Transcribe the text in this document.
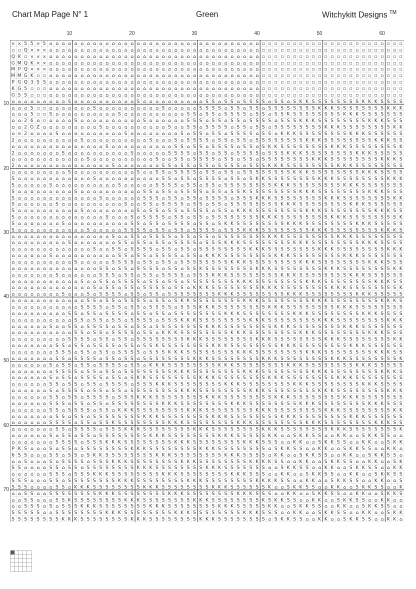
Chart Map Page N° 1	Green	Witchykitt Designs ™
10	20	30	40	50	60
10
20
30
40
50
60
70
× × 5 5 × 5 ⌂ ⌂ ⌂ ⌂ ⌂ ⌂ ⌂ ⌂ ⌂ ⌂ ⌂ ⌂ ⌂ ⌂ ⌂ ⌂ ⌂ ⌂ ⌂ ⌂ ⌂ ⌂ ⌂ ⌂ ⌂ ⌂ ⌂ ⌂ ⌂ ⌂ ⌂ ⌂ ⌂ ⌂ ▫ ▫ ▫ ▫ ▫ ▫ ▫ ▫ ▫ ▫ ▫ ▫ ▫ ▫ ▫ ▫ ▫ ▫ ▫ ▫ ▫ ▫ ▫
▫ ▫ Q × × × ⌂ ⌂ ⌂ ⌂ ⌂ ⌂ ⌂ ⌂ ⌂ ⌂ ⌂ ⌂ ⌂ ⌂ ⌂ ⌂ ⌂ ⌂ ⌂ ⌂ ⌂ ⌂ ⌂ ⌂ ⌂ ⌂ ⌂ ⌂ ⌂ ⌂ ⌂ ⌂ ⌂ ⌂ ▫ ▫ ▫ ▫ ▫ ▫ ▫ ▫ ▫ ▫ ▫ ▫ ▫ ▫ ▫ ▫ ▫ ▫ ▫ ▫ ▫ ▫ ▫
Q K ▫ × × × ⌂ ⌂ ⌂ ⌂ ⌂ ⌂ ⌂ ⌂ ⌂ ⌂ ⌂ ⌂ ⌂ ⌂ ⌂ ⌂ ⌂ ⌂ ⌂ ⌂ ⌂ ⌂ ⌂ ⌂ ⌂ ⌂ ⌂ ⌂ ⌂ ⌂ ⌂ ⌂ ⌂ ⌂ ▫ ▫ ▫ ▫ ▫ ▫ ▫ ▫ ▫ ▫ ▫ ▫ ▫ ▫ ▫ ▫ ▫ ▫ ▫ ▫ ▫ ▫ ▫
G M Q K × × ⌂ ⌂ ⌂ ⌂ ⌂ ⌂ ⌂ ⌂ ⌂ ⌂ ⌂ ⌂ ⌂ ⌂ ⌂ ⌂ ⌂ ⌂ ⌂ ⌂ ⌂ ⌂ ⌂ ⌂ ⌂ ⌂ ⌂ ⌂ ⌂ ⌂ ⌂ ⌂ ⌂ ⌂ ▫ ▫ ▫ ▫ ▫ ▫ ▫ ▫ ▫ ▫ ▫ ▫ ▫ ▫ ▫ ▫ ▫ ▫ ▫ ▫ ▫ ▫ ▫
M P Q × × × ⌂ ⌂ ⌂ ⌂ ⌂ ⌂ ⌂ ⌂ ⌂ ⌂ ⌂ ⌂ ⌂ ⌂ ⌂ ⌂ ⌂ ⌂ ⌂ ⌂ ⌂ ⌂ ⌂ ⌂ ⌂ ⌂ ⌂ ⌂ ⌂ ⌂ ⌂ ⌂ ⌂ ⌂ ▫ ▫ ▫ ▫ ▫ ▫ ▫ ▫ ▫ ▫ ▫ ▫ ▫ ▫ ▫ ▫ ▫ ▫ ▫ ▫ ▫ ▫ ▫
M M G K ▫ ▫ ⌂ ⌂ ⌂ ⌂ ⌂ ⌂ ⌂ ⌂ ⌂ ⌂ ⌂ ⌂ ⌂ ⌂ ⌂ ⌂ ⌂ ⌂ ⌂ ⌂ ⌂ ⌂ ⌂ ⌂ ⌂ ⌂ ⌂ ⌂ ⌂ ⌂ ⌂ ⌂ ⌂ ⌂ ▫ ▫ ▫ ▫ ▫ ▫ ▫ ▫ ▫ ▫ ▫ ▫ ▫ ▫ ▫ ▫ ▫ ▫ ▫ ▫ ▫ ▫ ▫
P G Q 3 5 S ⌂ ⌂ ⌂ ⌂ ⌂ ⌂ ⌂ ⌂ ⌂ ⌂ ⌂ ⌂ ⌂ ⌂ ⌂ ⌂ ⌂ ⌂ ⌂ ⌂ ⌂ ⌂ ⌂ ⌂ ⌂ ⌂ ⌂ ⌂ ⌂ ⌂ ⌂ ⌂ ⌂ ⌂ ▫ ▫ ▫ ▫ ▫ ▫ ▫ ▫ ▫ ▫ ▫ ▫ ▫ ▫ ▫ ▫ ▫ ▫ ▫ ▫ ▫ ▫ ▫
K G 5 ▫ ▫ ▫ ⌂ ⌂ ⌂ ⌂ ⌂ ⌂ ⌂ ⌂ ⌂ ⌂ ⌂ ⌂ ⌂ ⌂ ⌂ ⌂ ⌂ ⌂ ⌂ ⌂ ⌂ ⌂ ⌂ ⌂ ⌂ ⌂ ⌂ ⌂ ⌂ ⌂ ⌂ ⌂ ⌂ ⌂ ▫ ▫ ▫ ▫ ▫ ▫ ▫ ▫ ▫ ▫ ▫ ▫ ▫ ▫ ▫ ▫ ▫ ▫ ▫ ▫ ▫ ▫ ▫
G 5 5 ▫ ▫ ▫ ⌂ ⌂ ⌂ ⌂ ⌂ ⌂ ⌂ ⌂ ⌂ ⌂ ⌂ ⌂ ⌂ ⌂ ⌂ ⌂ ⌂ ⌂ ⌂ ⌂ ⌂ ⌂ ⌂ ⌂ ⌂ ⌂ ⌂ ⌂ ⌂ ⌂ ⌂ ⌂ ⌂ ⌂ ▫ ▫ ▫ ▫ ▫ ▫ ▫ ▫ ▫ ▫ ▫ ▫ ▫ ▫ ▫ ▫ ▫ ▫ ▫ ▫ ▫ ▫ ▫
⌂ ⌂ ⌂ ⌂ ⌂ ⌂ ⌂ ⌂ ⌂ S ⌂ ⌂ ⌂ ⌂ ⌂ ⌂ ⌂ ⌂ ⌂ ⌂ S ⌂ ⌂ ⌂ ⌂ ⌂ ⌂ ⌂ ⌂ ⌂ ⌂ S S ⌂ S S ⌂ S S S S ⌂ S S ⌂ S K K S S S S S S S S K K K S S S S
⌂ ⌂ ⌂ 5 ▫ ▫ ⌂ ⌂ ⌂ ⌂ ⌂ ⌂ ⌂ S ⌂ ⌂ ⌂ ⌂ ⌂ ⌂ ⌂ ⌂ ⌂ ⌂ S ⌂ ⌂ ⌂ ⌂ ⌂ S S S S ⌂ S S ⌂ S S ⌂ S S S S S S S S K K K S S S S S S S S K K K
⌂ ⌂ ⌂ 5 ▫ ▫ S ⌂ ⌂ ⌂ ⌂ ⌂ ⌂ ⌂ ⌂ ⌂ ⌂ S ⌂ ⌂ ⌂ ⌂ ⌂ ⌂ ⌂ ⌂ ⌂ ⌂ S S ⌂ S S ⌂ S S S S ⌂ S S ⌂ S S K S S S S S S S S K K K S S S S S S S
⌂ ⌂ 2 6 ⌂ ▫ ⌂ ⌂ ⌂ ⌂ S ⌂ ⌂ ⌂ ⌂ ⌂ ⌂ ⌂ ⌂ ⌂ ⌂ S ⌂ ⌂ ⌂ ⌂ ⌂ ⌂ S S S ⌂ S S ⌂ S S ⌂ S S S S ⌂ S S S K K K S S S S S S S S K K K S S S
⌂ ⌂ 2 G Z ⌂ ⌂ ⌂ ⌂ ⌂ ⌂ ⌂ ⌂ ⌂ S ⌂ ⌂ ⌂ ⌂ ⌂ ⌂ ⌂ ⌂ ⌂ ⌂ S ⌂ ⌂ S S ⌂ S S S S ⌂ S S ⌂ S S ⌂ S S S S S S S S K K K S S S S S S S S K K
⌂ e 2 ⌂ ⌂ ⌂ ⌂ S ⌂ ⌂ ⌂ ⌂ ⌂ ⌂ ⌂ ⌂ ⌂ ⌂ S ⌂ ⌂ ⌂ ⌂ ⌂ ⌂ ⌂ ⌂ S ⌂ S S ⌂ S S ⌂ S S S S ⌂ S S ⌂ K K K S S S S S S S S K K K S S S S S S
2 ⌂ ⌂ ⌂ ⌂ ⌂ ⌂ ⌂ ⌂ ⌂ ⌂ S ⌂ ⌂ ⌂ ⌂ ⌂ ⌂ ⌂ ⌂ ⌂ ⌂ S ⌂ ⌂ ⌂ S ⌂ S S S S ⌂ S S ⌂ S S ⌂ S S S S S S S S K K K S S S S S S S S K K K S S
⌂ ⌂ ⌂ ⌂ ⌂ ⌂ ⌂ ⌂ ⌂ ⌂ ⌂ ⌂ ⌂ ⌂ ⌂ S ⌂ ⌂ ⌂ ⌂ ⌂ ⌂ ⌂ ⌂ ⌂ ⌂ S S ⌂ S S ⌂ S S S S ⌂ S S ⌂ S K K S S S S S S S S K K K S S S S S S S S K
2 ⌂ ⌂ ⌂ ⌂ ⌂ ⌂ ⌂ S ⌂ ⌂ ⌂ ⌂ ⌂ ⌂ ⌂ ⌂ ⌂ ⌂ S ⌂ ⌂ ⌂ ⌂ ⌂ S S S S ⌂ S S ⌂ S S ⌂ S S S S ⌂ S S S K K K S S S S S S S S K K K S S S S S
⌂ ⌂ ⌂ ⌂ ⌂ ⌂ ⌂ ⌂ ⌂ ⌂ ⌂ ⌂ S ⌂ ⌂ ⌂ ⌂ ⌂ ⌂ ⌂ ⌂ ⌂ ⌂ S ⌂ ⌂ S S ⌂ S S S S ⌂ S S ⌂ S S ⌂ S S S S S S S S K K K S S S S S S S S K K K S
2 ⌂ ⌂ ⌂ ⌂ ⌂ ⌂ ⌂ ⌂ ⌂ ⌂ ⌂ ⌂ ⌂ ⌂ ⌂ S ⌂ ⌂ ⌂ ⌂ ⌂ ⌂ ⌂ S S ⌂ S S ⌂ S S ⌂ S S S S ⌂ S S S K K K S S S S S S S S K K K S S S S S S S S
⌂ ⌂ ⌂ ⌂ ⌂ ⌂ ⌂ ⌂ ⌂ S ⌂ ⌂ ⌂ ⌂ ⌂ ⌂ ⌂ ⌂ ⌂ ⌂ S ⌂ ⌂ S S ⌂ S S S S ⌂ S S ⌂ S S ⌂ S S S S S S S S K K K S S S S S S S S K K K S S S S
S ⌂ ⌂ ⌂ ⌂ ⌂ ⌂ ⌂ ⌂ ⌂ ⌂ ⌂ ⌂ S ⌂ ⌂ ⌂ ⌂ ⌂ ⌂ ⌂ ⌂ ⌂ ⌂ S S ⌂ S S ⌂ S S S S ⌂ S S ⌂ S K K S S S S S S S S K K K S S S S S S S S K K K
S ⌂ ⌂ ⌂ ⌂ ⌂ S ⌂ ⌂ ⌂ ⌂ ⌂ ⌂ ⌂ ⌂ ⌂ ⌂ S ⌂ ⌂ ⌂ ⌂ ⌂ S S S S ⌂ S S ⌂ S S ⌂ S S S S S S S S K K K S S S S S S S S K K K S S S S S S S
S ⌂ ⌂ ⌂ ⌂ ⌂ ⌂ ⌂ ⌂ ⌂ S ⌂ ⌂ ⌂ ⌂ ⌂ ⌂ ⌂ ⌂ ⌂ ⌂ S S ⌂ S S ⌂ S S S S ⌂ S S ⌂ S S K S S S S S S S S K K K S S S S S S S S K K K S S S
S ⌂ ⌂ ⌂ ⌂ ⌂ ⌂ ⌂ ⌂ ⌂ ⌂ ⌂ ⌂ ⌂ S ⌂ ⌂ ⌂ ⌂ ⌂ ⌂ S S S ⌂ S S ⌂ S S ⌂ S S S S ⌂ S S S K K K S S S S S S S S K K K S S S S S S S S K K
S ⌂ ⌂ ⌂ ⌂ ⌂ ⌂ S ⌂ ⌂ ⌂ ⌂ ⌂ ⌂ ⌂ ⌂ ⌂ ⌂ S ⌂ ⌂ S S ⌂ S S S S ⌂ S S ⌂ S S ⌂ S S S S S S S S K K K S S S S S S S S K K K S S S S S S
S ⌂ ⌂ ⌂ ⌂ ⌂ ⌂ ⌂ ⌂ ⌂ ⌂ S ⌂ ⌂ ⌂ ⌂ ⌂ ⌂ ⌂ ⌂ S ⌂ S S ⌂ S S ⌂ S S S S ⌂ S S ⌂ K K K S S S S S S S S K K K S S S S S S S S K K K S S
S ⌂ ⌂ ⌂ ⌂ ⌂ ⌂ ⌂ ⌂ ⌂ ⌂ ⌂ ⌂ ⌂ ⌂ S ⌂ ⌂ ⌂ S ⌂ S S S S ⌂ S S ⌂ S S ⌂ S S S S S S S S K K K S S S S S S S S K K K S S S S S S S S K
S ⌂ ⌂ ⌂ ⌂ ⌂ ⌂ ⌂ S ⌂ ⌂ ⌂ ⌂ ⌂ ⌂ ⌂ ⌂ ⌂ ⌂ S S ⌂ S S ⌂ S S S S ⌂ S S ⌂ S K K S S S S S S S S K K K S S S S S S S S K K K S S S S S
S ⌂ ⌂ ⌂ ⌂ ⌂ ⌂ ⌂ ⌂ ⌂ ⌂ ⌂ S ⌂ ⌂ ⌂ ⌂ ⌂ S S S S ⌂ S S ⌂ S S ⌂ S S S S ⌂ S S S K K K S S S S S S S S K K K S S S S S S S S K K K S
⌂ ⌂ ⌂ ⌂ ⌂ ⌂ ⌂ ⌂ ⌂ ⌂ ⌂ ⌂ ⌂ ⌂ ⌂ ⌂ S ⌂ ⌂ S S ⌂ S S S S ⌂ S S ⌂ S S ⌂ S S S S S S S S K K K S S S S S S S S K K K S S S S S S S S
⌂ ⌂ ⌂ ⌂ ⌂ ⌂ ⌂ ⌂ ⌂ S ⌂ ⌂ ⌂ ⌂ ⌂ ⌂ ⌂ S S ⌂ S S ⌂ S S ⌂ S S S S ⌂ S S S K K K S S S S S S S S K K K S S S S S S S S K K K S S S S
⌂ ⌂ ⌂ ⌂ ⌂ ⌂ ⌂ ⌂ ⌂ ⌂ ⌂ ⌂ ⌂ S ⌂ ⌂ S S ⌂ S S S S ⌂ S S ⌂ S S ⌂ S S S S S S S S K K K S S S S S S S S K K K S S S S S S S S K K K
⌂ ⌂ ⌂ ⌂ ⌂ ⌂ S ⌂ ⌂ ⌂ ⌂ ⌂ ⌂ ⌂ ⌂ ⌂ ⌂ S S ⌂ S S ⌂ S S S S ⌂ S S ⌂ K K K S S S S S S S S K K K S S S S S S S S K K K S S S S S S S
⌂ ⌂ ⌂ ⌂ ⌂ ⌂ ⌂ ⌂ ⌂ ⌂ S ⌂ ⌂ ⌂ ⌂ ⌂ S S S S ⌂ S S ⌂ S S ⌂ S S S S S S S S K K K S S S S S S S S K K K S S S S S S S S K K K S S S
⌂ ⌂ ⌂ ⌂ ⌂ ⌂ ⌂ ⌂ ⌂ ⌂ ⌂ ⌂ ⌂ ⌂ S S ⌂ S S ⌂ S S S S ⌂ S S ⌂ S S K S S S S S S S S K K K S S S S S S S S K K K S S S S S S S S K K
⌂ ⌂ ⌂ ⌂ ⌂ ⌂ ⌂ S ⌂ ⌂ ⌂ ⌂ ⌂ ⌂ S S S ⌂ S S ⌂ S S ⌂ S S S S ⌂ S S S K K K S S S S S S S S K K K S S S S S S S S K K K S S S S S S
⌂ ⌂ ⌂ ⌂ ⌂ ⌂ ⌂ ⌂ ⌂ ⌂ ⌂ S ⌂ ⌂ S S ⌂ S S S S ⌂ S S ⌂ S S ⌂ S S S S S S S S K K K S S S S S S S S K K K S S S S S S S S K K K S S
⌂ ⌂ ⌂ ⌂ ⌂ ⌂ ⌂ ⌂ ⌂ ⌂ ⌂ ⌂ ⌂ S ⌂ S S ⌂ S S ⌂ S S S S ⌂ S S ⌂ K K K S S S S S S S S K K K S S S S S S S S K K K S S S S S S S S K
⌂ ⌂ ⌂ ⌂ ⌂ ⌂ ⌂ ⌂ S ⌂ ⌂ ⌂ S ⌂ S S S S ⌂ S S ⌂ S S ⌂ S S S S S S S S K K K S S S S S S S S K K K S S S S S S S S K K K S S S S S
⌂ ⌂ ⌂ ⌂ ⌂ ⌂ ⌂ ⌂ ⌂ ⌂ ⌂ ⌂ S S ⌂ S S ⌂ S S S S ⌂ S S ⌂ S K K S S S S S S S S K K K S S S S S S S S K K K S S S S S S S S K K K S
⌂ ⌂ ⌂ ⌂ ⌂ ⌂ ⌂ ⌂ ⌂ ⌂ ⌂ S S S S ⌂ S S ⌂ S S ⌂ S S S S ⌂ S S S K K K S S S S S S S S K K K S S S S S S S S K K K S S S S S S S S
⌂ ⌂ ⌂ ⌂ ⌂ ⌂ ⌂ ⌂ ⌂ S S ⌂ S S ⌂ S S S S ⌂ S S ⌂ S S ⌂ S S S S S S S S K K K S S S S S S S S K K K S S S S S S S S K K K S S S S
⌂ ⌂ ⌂ ⌂ ⌂ ⌂ ⌂ ⌂ ⌂ ⌂ S S ⌂ S S ⌂ S S ⌂ S S S S ⌂ S S S K K K S S S S S S S S K K K S S S S S S S S K K K S S S S S S S S K K K
⌂ ⌂ ⌂ ⌂ ⌂ ⌂ S ⌂ ⌂ S S ⌂ S S S S ⌂ S S ⌂ S S ⌂ S S S S S S S S K K K S S S S S S S S K K K S S S S S S S S K K K S S S S S S S
⌂ ⌂ ⌂ ⌂ ⌂ ⌂ ⌂ ⌂ ⌂ ⌂ S S ⌂ S S ⌂ S S S S ⌂ S S ⌂ K K K S S S S S S S S K K K S S S S S S S S K K K S S S S S S S S K K K S S S
⌂ ⌂ ⌂ ⌂ ⌂ ⌂ ⌂ ⌂ ⌂ S S S S ⌂ S S ⌂ S S ⌂ S S S S S S S S K K K S S S S S S S S K K K S S S S S S S S K K K S S S S S S S S K K
⌂ ⌂ ⌂ ⌂ ⌂ ⌂ ⌂ S S ⌂ S S ⌂ S S S S ⌂ S S ⌂ S S K S S S S S S S S K K K S S S S S S S S K K K S S S S S S S S K K K S S S S S S
⌂ ⌂ ⌂ ⌂ ⌂ ⌂ ⌂ S S S ⌂ S S ⌂ S S ⌂ S S S S ⌂ S S S K K K S S S S S S S S K K K S S S S S S S S K K K S S S S S S S S K K K S S
⌂ ⌂ ⌂ ⌂ ⌂ ⌂ ⌂ S S ⌂ S S S S ⌂ S S ⌂ S S ⌂ S S S S S S S S K K K S S S S S S S S K K K S S S S S S S S K K K S S S S S S S S K
⌂ ⌂ ⌂ ⌂ ⌂ ⌂ S ⌂ S S ⌂ S S ⌂ S S S S ⌂ S S ⌂ K K K S S S S S S S S K K K S S S S S S S S K K K S S S S S S S S K K K S S S S S
⌂ ⌂ ⌂ ⌂ ⌂ ⌂ ⌂ S S S S ⌂ S S ⌂ S S ⌂ S S S S S S S S K K K S S S S S S S S K K K S S S S S S S S K K K S S S S S S S S K K K S
⌂ ⌂ ⌂ ⌂ ⌂ ⌂ S ⌂ S S ⌂ S S S S ⌂ S S ⌂ S K K S S S S S S S S K K K S S S S S S S S K K K S S S S S S S S K K K S S S S S S S S
⌂ ⌂ ⌂ ⌂ ⌂ ⌂ S S ⌂ S S ⌂ S S ⌂ S S S S ⌂ S S S K K K S S S S S S S S K K K S S S S S S S S K K K S S S S S S S S K K K S S S S
⌂ ⌂ ⌂ ⌂ ⌂ ⌂ S ⌂ S S S S ⌂ S S ⌂ S S ⌂ S S S S S S S S K K K S S S S S S S S K K K S S S S S S S S K K K S S S S S S S S K K K
⌂ ⌂ ⌂ ⌂ ⌂ ⌂ S S ⌂ S S ⌂ S S S S ⌂ S S S K K K S S S S S S S S K K K S S S S S S S S K K K S S S S S S S S K K K S S S S S S S
⌂ ⌂ ⌂ ⌂ ⌂ ⌂ S S S ⌂ S S ⌂ S S ⌂ S S S S S S S S K K K S S S S S S S S K K K S S S S S S S S K K K S S S S S S S S K K K S S S
⌂ ⌂ ⌂ ⌂ ⌂ ⌂ S S ⌂ S S S S ⌂ S S ⌂ K K K S S S S S S S S K K K S S S S S S S S K K K S S S S S S S S K K K S S S S S S S S K K
⌂ ⌂ ⌂ ⌂ ⌂ ⌂ ⌂ S S ⌂ S S ⌂ S S S S S S S S K K K S S S S S S S S K K K S S S S S S S S K K K S S S S S S S S K K K S S S S S S
⌂ ⌂ ⌂ ⌂ ⌂ ⌂ S S S S ⌂ S S ⌂ S S K S S S S S S S S K K K S S S S S S S S K K K S S S S S S S S K K K S S S S S S S S K K K S S
⌂ ⌂ ⌂ ⌂ ⌂ ⌂ ⌂ S S ⌂ S S S S ⌂ S S S K K K S S S S S S S S K K K S S S S S S S S K K K S S S S S S S S K K K S S S S S S S S K
⌂ ⌂ ⌂ ⌂ ⌂ ⌂ S ⌂ S S ⌂ S S ⌂ S S S S S S S S K K K S S S S S S S S K K K S S S S S K K ⌂ ⌂ S K K S S ⌂ ⌂ K K ⌂ ⌂ S K K S S ⌂ ⌂
⌂ ⌂ ⌂ ⌂ ⌂ ⌂ ⌂ S S S S ⌂ S S S K K K S S S S S S S S K K K S S S S S S S S K K K S S S ⌂ ⌂ K K ⌂ ⌂ S K K S S ⌂ ⌂ K K ⌂ ⌂ S K K
P K S ⌂ ⌂ ⌂ S ⌂ S S ⌂ S S S S S S S S K K K S S S S S S S S K K K S S S S S S S S ⌂ S K K S S ⌂ ⌂ K K ⌂ ⌂ S K K S S ⌂ ⌂ K K ⌂
6 S S ⌂ ⌂ ⌂ S S ⌂ S S ⌂ S K K S S S S S S S S K K K S S S S S S S S K K K S S S S ⌂ K K ⌂ ⌂ S K K S S ⌂ ⌂ K K ⌂ ⌂ S K K S S ⌂
⌂ ⌂ S ⌂ ⌂ ⌂ S ⌂ S S S S ⌂ S S S K K K S S S S S S S S K K K S S S S S S S S K K K K S S ⌂ ⌂ K K ⌂ ⌂ S K K S S ⌂ ⌂ K K ⌂ ⌂ S K
S S ⌂ ⌂ ⌂ ⌂ S S ⌂ S S ⌂ S S S S S S S S K K K S S S S S S S S K K K S S S S S S S ⌂ ⌂ S K K S S ⌂ ⌂ K K ⌂ ⌂ S K K S S ⌂ ⌂ K K
⌂ ⌂ ⌂ ⌂ ⌂ ⌂ S S S ⌂ S S S K K K S S S S S S S S K K K S S S S S S S S K K K S S S ⌂ ⌂ K K ⌂ ⌂ S K K S S ⌂ ⌂ K K ⌂ ⌂ S K K S S
S S S ⌂ ⌂ ⌂ S S ⌂ S S S S S S S S K K K S S S S S S S S K K K S S S S S S S S K K K K S S ⌂ ⌂ K K ⌂ ⌂ S K K S S ⌂ ⌂ K K ⌂ ⌂ S
S S S ⌂ ⌂ ⌂ ⌂ S S ⌂ K K K S S S S S S S S K K K S S S S S S S S K K K S S S S S S K ⌂ ⌂ S K K S S ⌂ ⌂ K K ⌂ ⌂ S K K S S ⌂ ⌂ K
⌂ ⌂ S S ⌂ ⌂ S S S S S S S S K K K S S S S S S S S K K K S S S S S S S S K K K S S S ⌂ ⌂ K K ⌂ ⌂ S K K S S ⌂ ⌂ K K ⌂ ⌂ S K K S
⌂ ⌂ S S ⌂ ⌂ ⌂ S S K S S S S S S S S K K K S S S S S S S S K K K S S S S S S S S K S K K S S ⌂ ⌂ K K ⌂ ⌂ S K K S S ⌂ ⌂ K K ⌂ ⌂
⌂ ⌂ S S S ⌂ S ⌂ S S S K K K S S S S S S S S K K K S S S S S S S S K K K S S S S S K K ⌂ ⌂ S K K S S ⌂ ⌂ K K ⌂ ⌂ S K K S S ⌂ ⌂
S S S S S ⌂ ⌂ S S S S S S S S K K K S S S S S S S S K K K S S S S S S S S K K K S S S ⌂ ⌂ K K ⌂ ⌂ S K K S S ⌂ ⌂ K K ⌂ ⌂ S K K
S S S S S S S S K K K S S S S S S S S K K K S S S S S S S S K K K S S S S S S S S ⌂ S K K S S ⌂ ⌂ K K ⌂ ⌂ S K K S S ⌂ ⌂ K K ⌂
